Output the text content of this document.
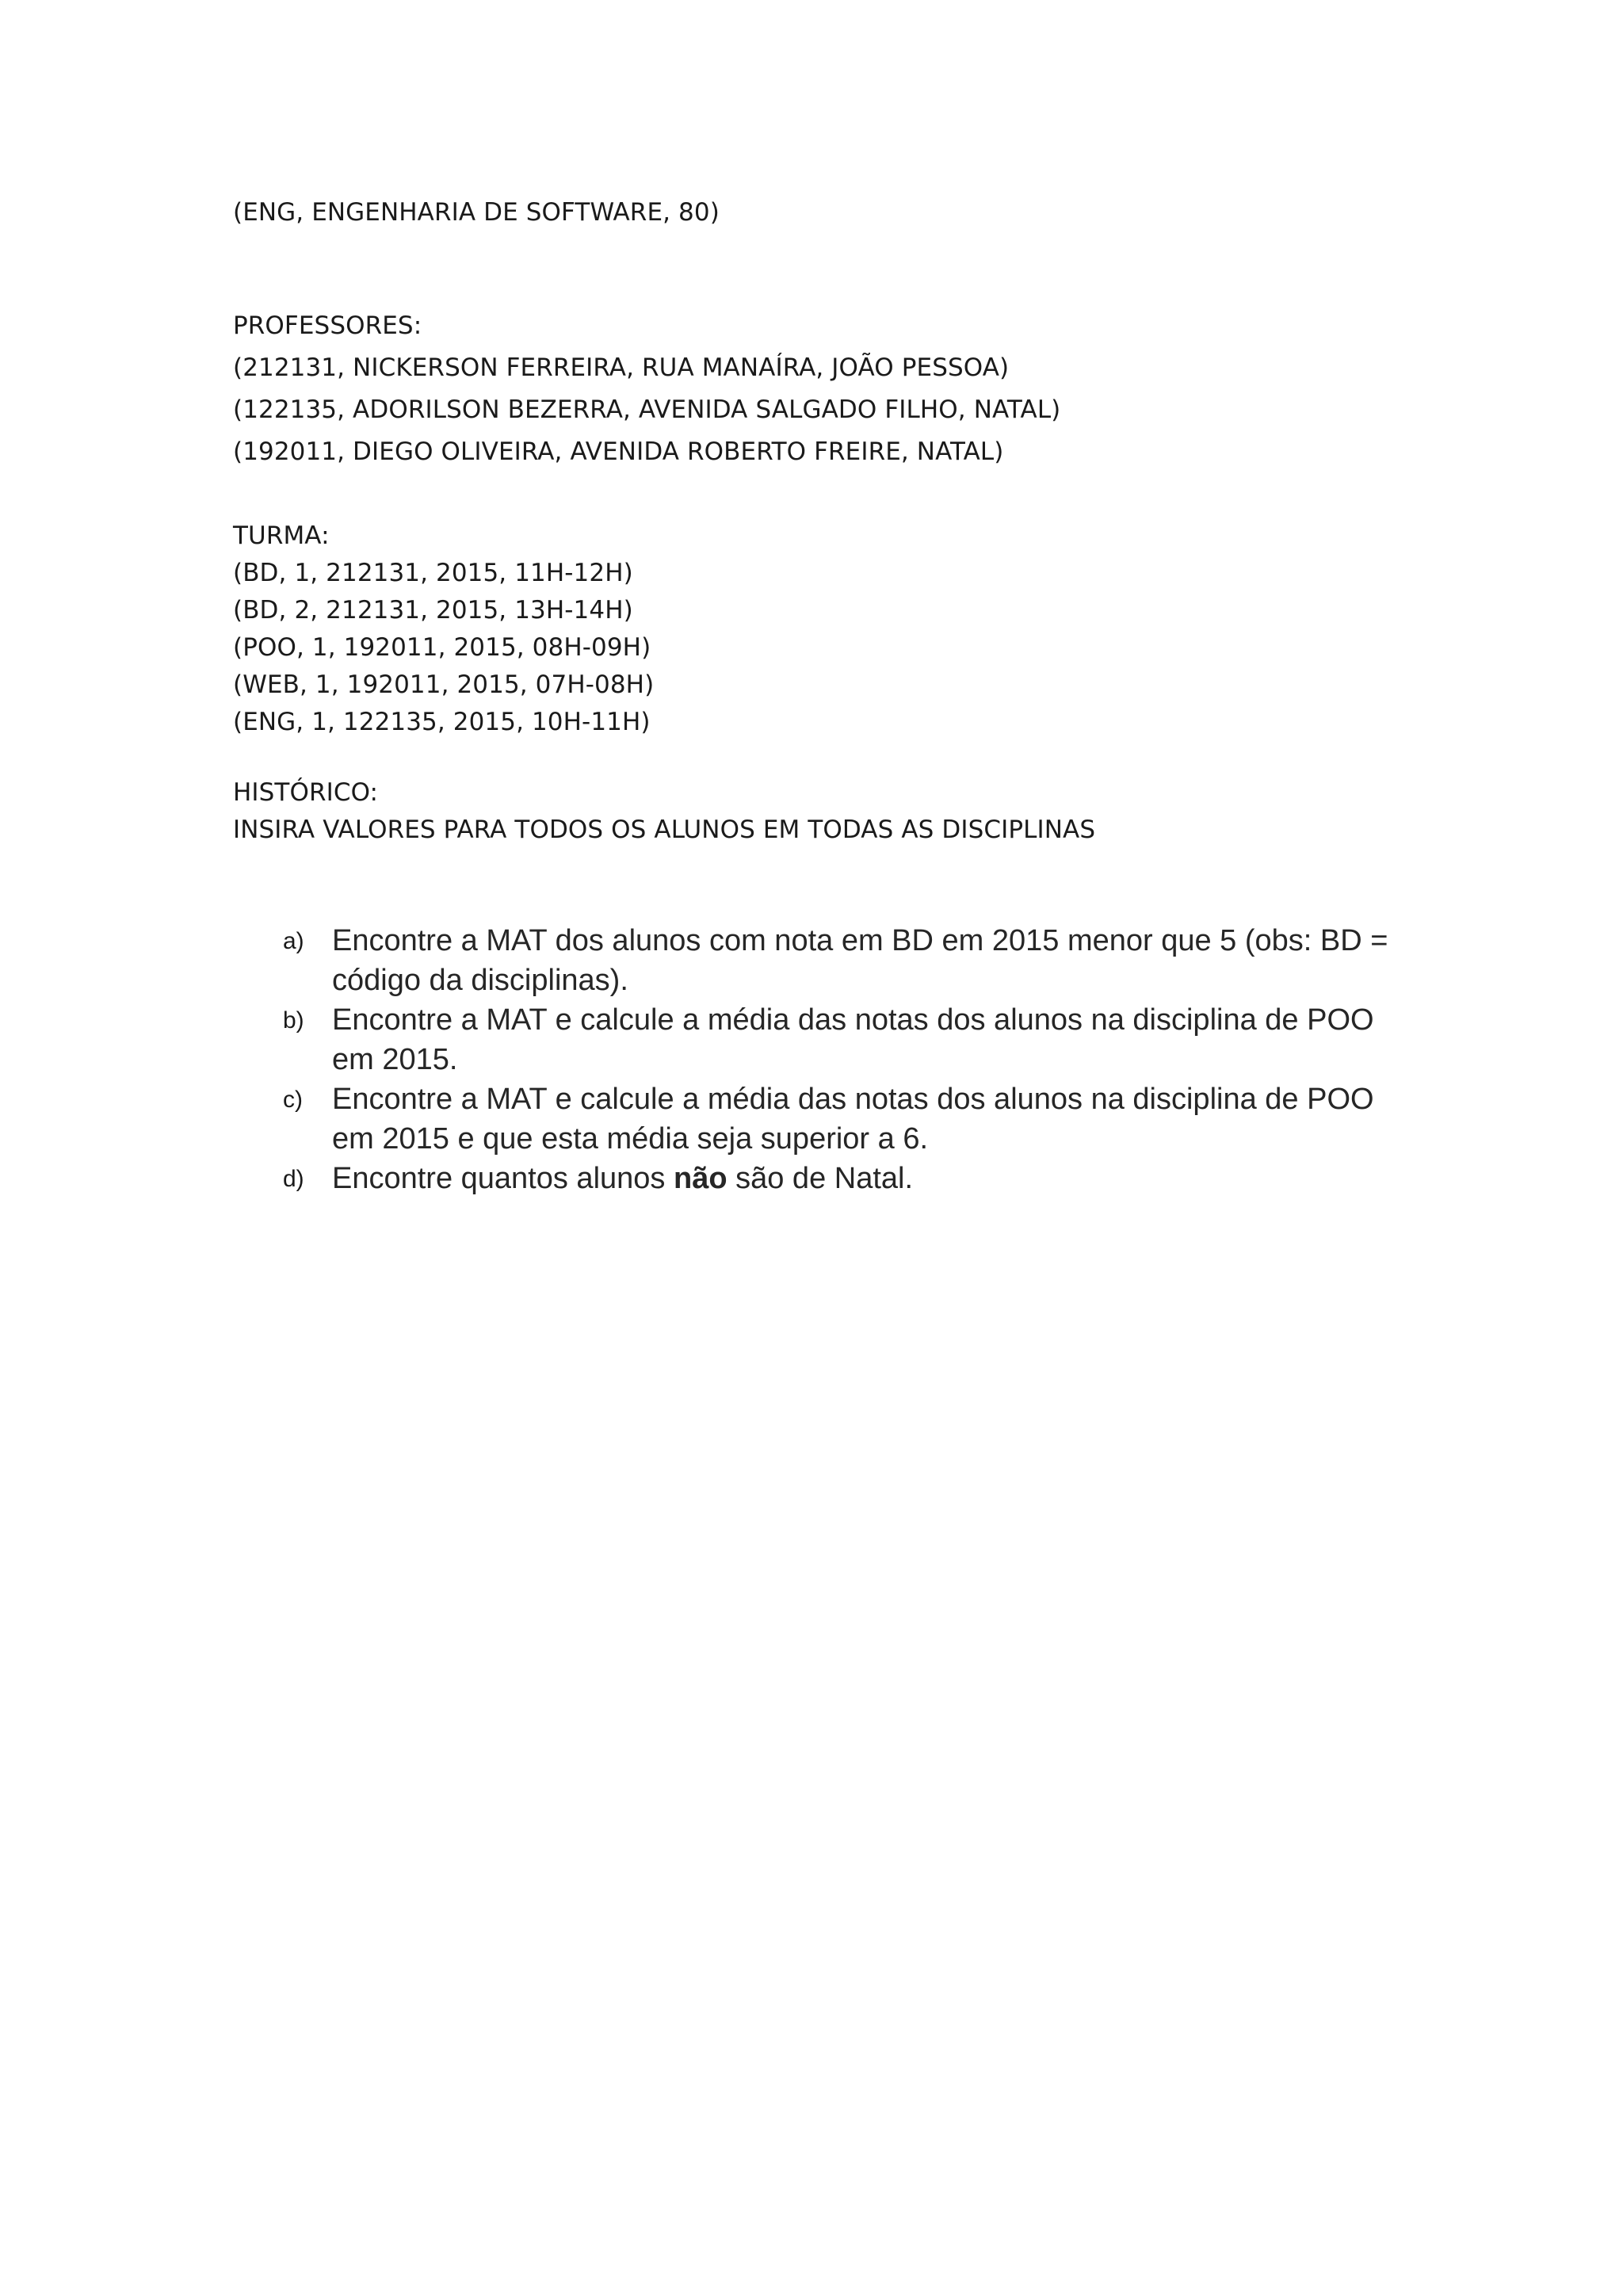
(ENG, ENGENHARIA DE SOFTWARE, 80)
PROFESSORES:
(212131, NICKERSON FERREIRA, RUA MANAÍRA, JOÃO PESSOA)
(122135, ADORILSON BEZERRA, AVENIDA SALGADO FILHO, NATAL)
(192011, DIEGO OLIVEIRA, AVENIDA ROBERTO FREIRE, NATAL)
TURMA:
(BD, 1, 212131, 2015, 11H-12H)
(BD, 2, 212131, 2015, 13H-14H)
(POO, 1, 192011, 2015, 08H-09H)
(WEB, 1, 192011, 2015, 07H-08H)
(ENG, 1, 122135, 2015, 10H-11H)
HISTÓRICO:
INSIRA VALORES PARA TODOS OS ALUNOS EM TODAS AS DISCIPLINAS
a) Encontre a MAT dos alunos com nota em BD em 2015 menor que 5 (obs: BD =
código da disciplinas).
b) Encontre a MAT e calcule a média das notas dos alunos na disciplina de POO
em 2015.
c) Encontre a MAT e calcule a média das notas dos alunos na disciplina de POO
em 2015 e que esta média seja superior a 6.
d) Encontre quantos alunos não são de Natal.
